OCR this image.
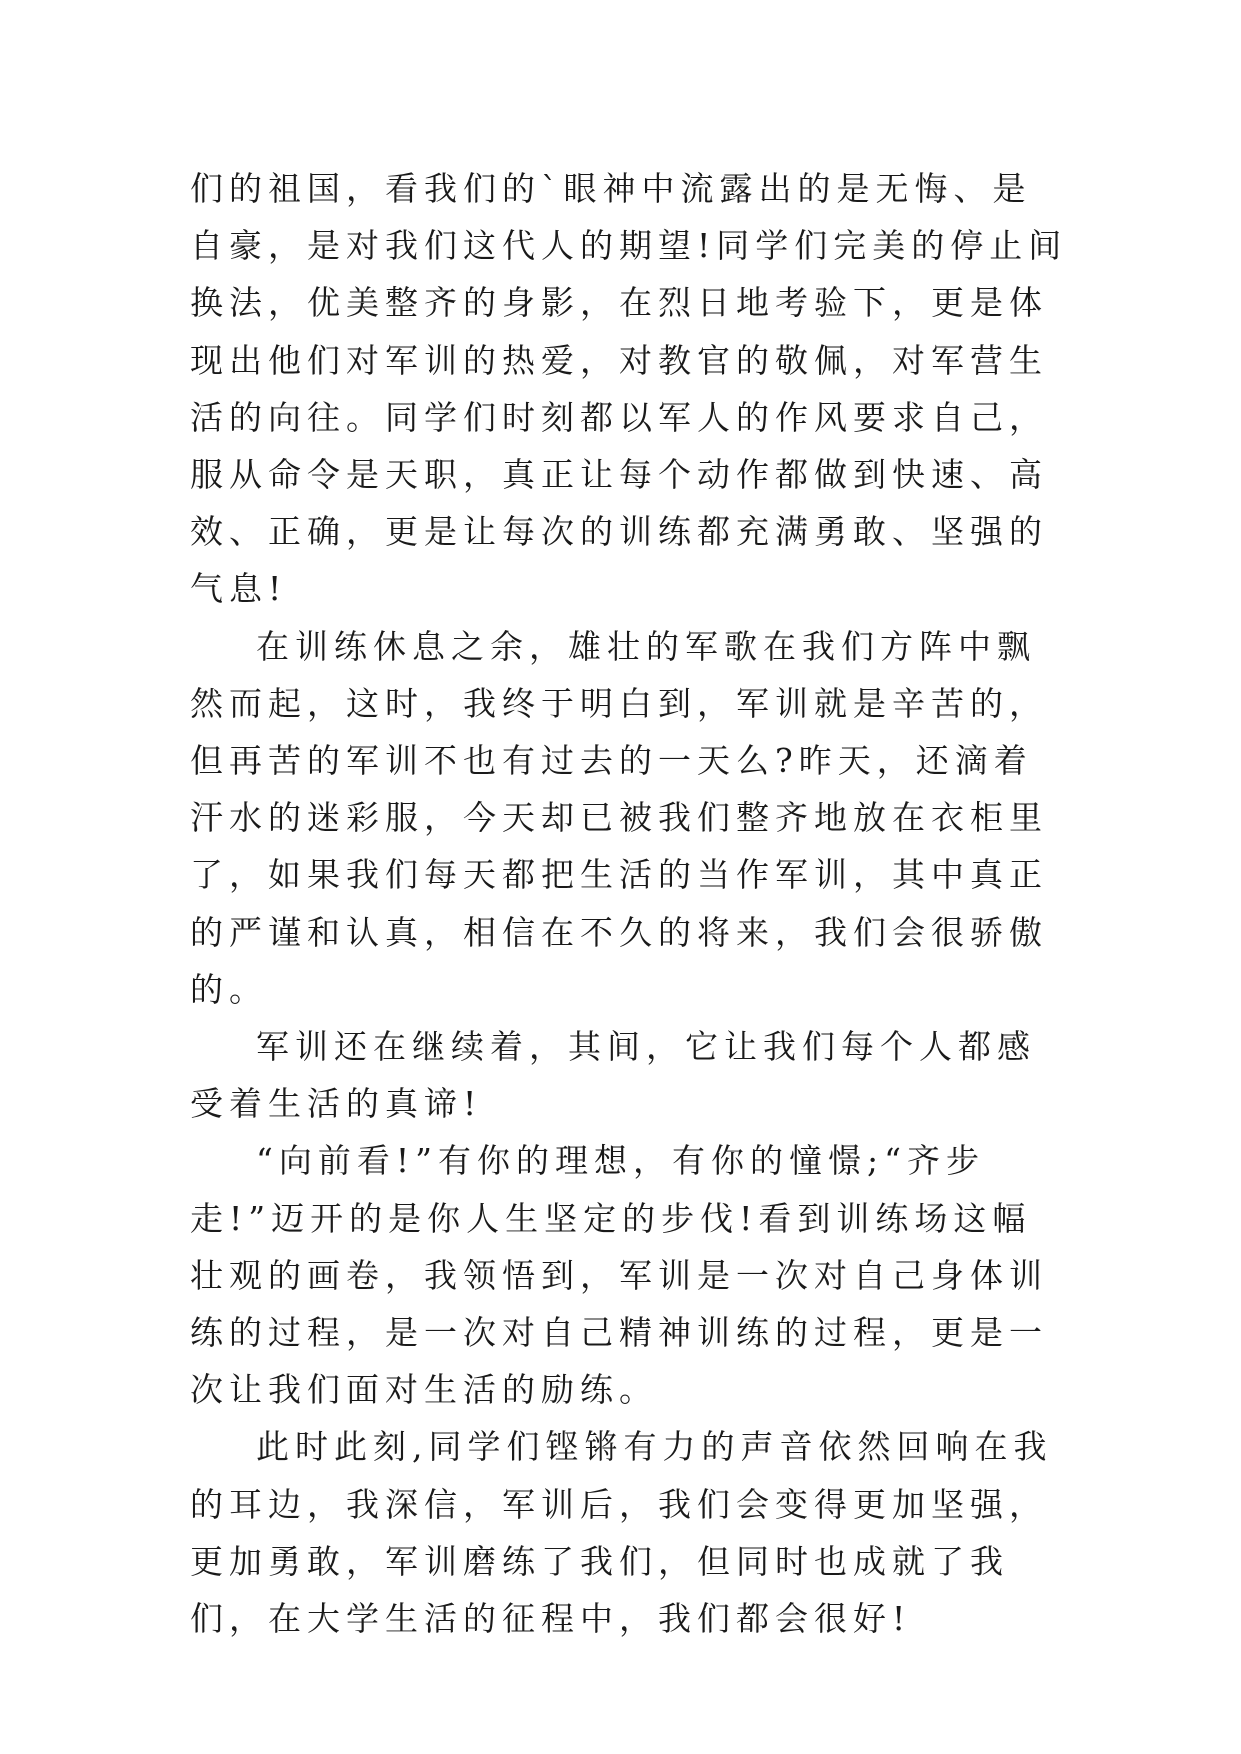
们的祖国，看我们的`眼神中流露出的是无悔、是自豪，是对我们这代人的期望!同学们完美的停止间换法，优美整齐的身影，在烈日地考验下，更是体现出他们对军训的热爱，对教官的敬佩，对军营生活的向往。同学们时刻都以军人的作风要求自己，服从命令是天职，真正让每个动作都做到快速、高效、正确，更是让每次的训练都充满勇敢、坚强的气息!

在训练休息之余，雄壮的军歌在我们方阵中飘然而起，这时，我终于明白到，军训就是辛苦的，但再苦的军训不也有过去的一天么?昨天，还滴着汗水的迷彩服，今天却已被我们整齐地放在衣柜里了，如果我们每天都把生活的当作军训，其中真正的严谨和认真，相信在不久的将来，我们会很骄傲的。

军训还在继续着，其间，它让我们每个人都感受着生活的真谛!

“向前看!”有你的理想，有你的憧憬;“齐步走!”迈开的是你人生坚定的步伐!看到训练场这幅壮观的画卷，我领悟到，军训是一次对自己身体训练的过程，是一次对自己精神训练的过程，更是一次让我们面对生活的励练。

此时此刻,同学们铿锵有力的声音依然回响在我的耳边，我深信，军训后，我们会变得更加坚强，更加勇敢，军训磨练了我们，但同时也成就了我们，在大学生活的征程中，我们都会很好!
